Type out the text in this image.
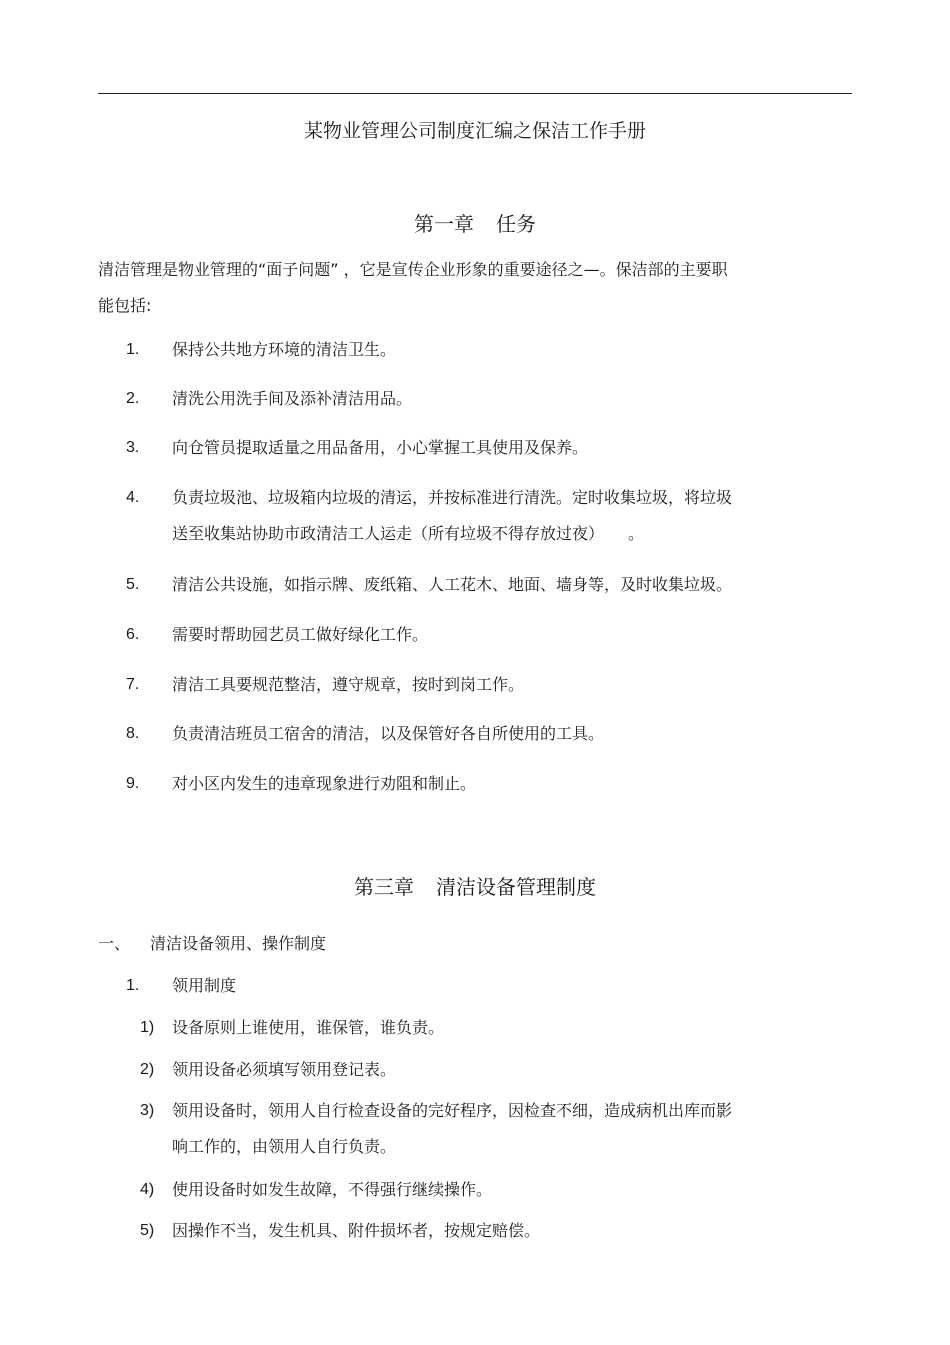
某物业管理公司制度汇编之保洁工作手册
第一章 任务
清洁管理是物业管理的“面子问题” ，它是宣传企业形象的重要途径之—。保洁部的主要职
能包括:
1. 保持公共地方环境的清洁卫生。
2. 清洗公用洗手间及添补清洁用品。
3. 向仓管员提取适量之用品备用，小心掌握工具使用及保养。
4. 负责垃圾池、垃圾箱内垃圾的清运，并按标准进行清洗。定时收集垃圾，将垃圾
送至收集站协助市政清洁工人运走（所有垃圾不得存放过夜）　　。
5. 清洁公共设施，如指示牌、废纸箱、人工花木、地面、墙身等，及时收集垃圾。
6. 需要时帮助园艺员工做好绿化工作。
7. 清洁工具要规范整洁，遵守规章，按时到岗工作。
8. 负责清洁班员工宿舍的清洁，以及保管好各自所使用的工具。
9. 对小区内发生的违章现象进行劝阻和制止。
第三章 清洁设备管理制度
一、 清洁设备领用、操作制度
1. 领用制度
1) 设备原则上谁使用，谁保管，谁负责。
2) 领用设备必须填写领用登记表。
3) 领用设备时，领用人自行检查设备的完好程序，因检查不细，造成病机出库而影
响工作的，由领用人自行负责。
4) 使用设备时如发生故障，不得强行继续操作。
5) 因操作不当，发生机具、附件损坏者，按规定赔偿。
